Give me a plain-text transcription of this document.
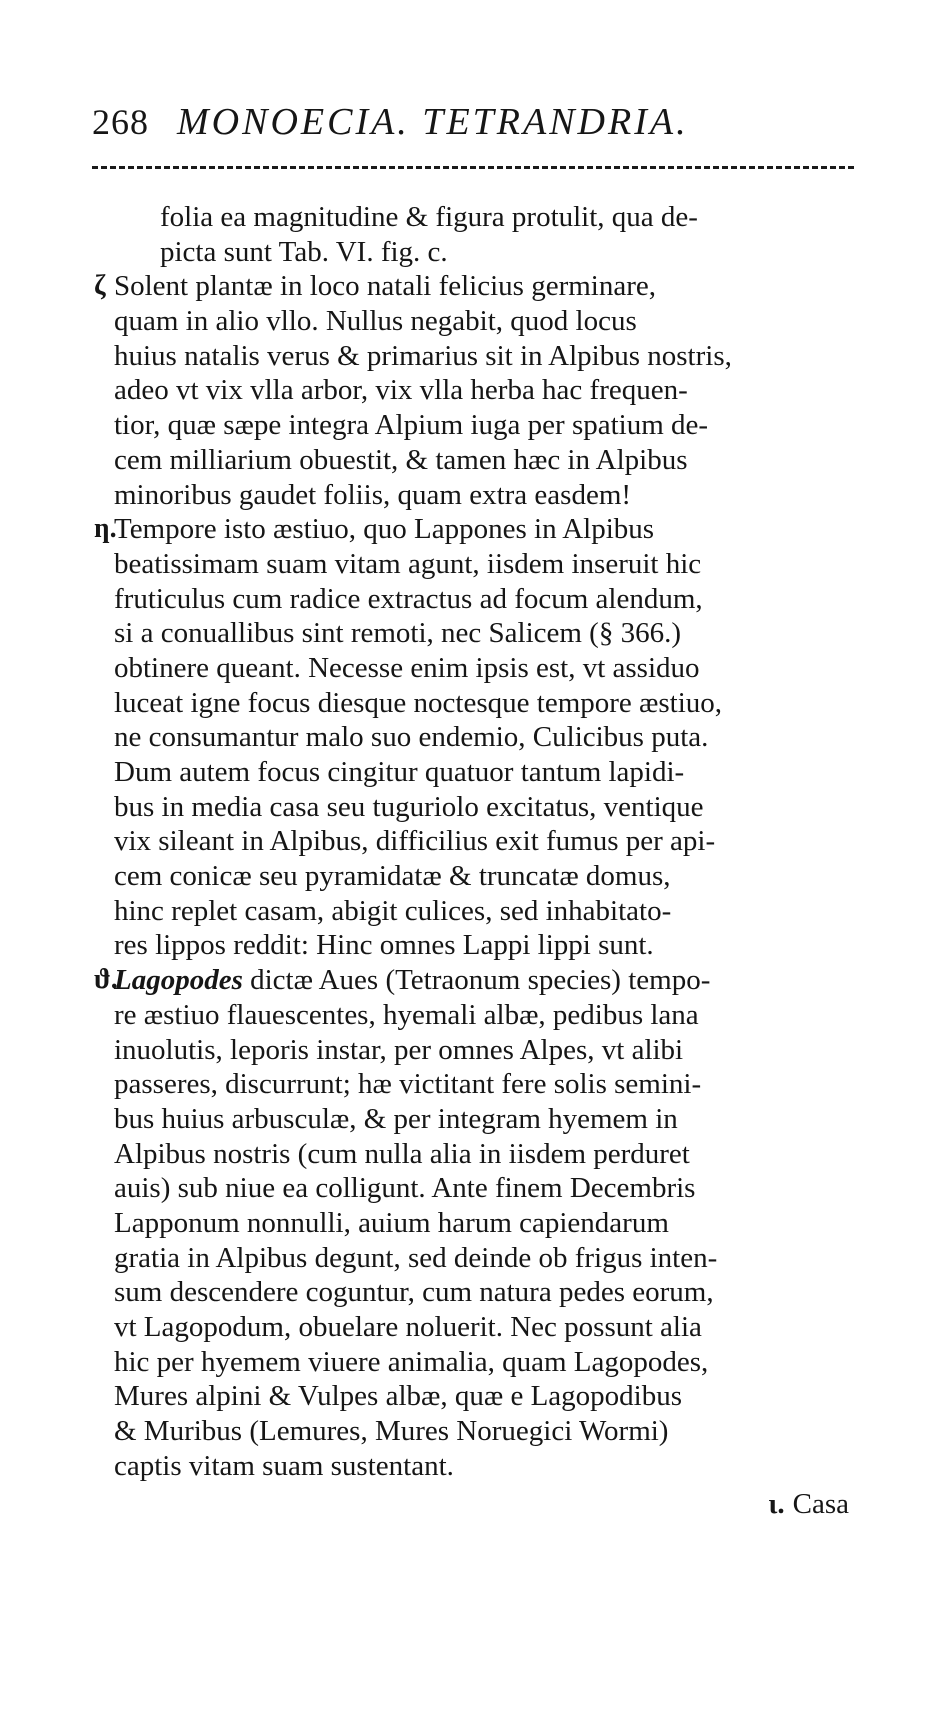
268 MONOECIA. TETRANDRIA.
folia ea magnitudine & figura protulit, qua de-
picta sunt Tab. VI. fig. c.
ζ Solent plantæ in loco natali felicius germinare,
quam in alio vllo. Nullus negabit, quod locus
huius natalis verus & primarius sit in Alpibus nostris,
adeo vt vix vlla arbor, vix vlla herba hac frequen-
tior, quæ sæpe integra Alpium iuga per spatium de-
cem milliarium obuestit, & tamen hæc in Alpibus
minoribus gaudet foliis, quam extra easdem!
ƞ.
Tempore isto æstiuo, quo Lappones in Alpibus
beatissimam suam vitam agunt, iisdem inseruit hic
fruticulus cum radice extractus ad focum alendum,
si a conuallibus sint remoti, nec Salicem (§ 366.)
obtinere queant. Necesse enim ipsis est, vt assiduo
luceat igne focus diesque noctesque tempore æstiuo,
ne consumantur malo suo endemio, Culicibus puta.
Dum autem focus cingitur quatuor tantum lapidi-
bus in media casa seu tuguriolo excitatus, ventique
vix sileant in Alpibus, difficilius exit fumus per api-
cem conicæ seu pyramidatæ & truncatæ domus,
hinc replet casam, abigit culices, sed inhabitato-
res lippos reddit: Hinc omnes Lappi lippi sunt.
ϑ.
Lagopodes dictæ Aues (Tetraonum species) tempo-
re æstiuo flauescentes, hyemali albæ, pedibus lana
inuolutis, leporis instar, per omnes Alpes, vt alibi
passeres, discurrunt; hæ victitant fere solis semini-
bus huius arbusculæ, & per integram hyemem in
Alpibus nostris (cum nulla alia in iisdem perduret
auis) sub niue ea colligunt. Ante finem Decembris
Lapponum nonnulli, auium harum capiendarum
gratia in Alpibus degunt, sed deinde ob frigus inten-
sum descendere coguntur, cum natura pedes eorum,
vt Lagopodum, obuelare noluerit. Nec possunt alia
hic per hyemem viuere animalia, quam Lagopodes,
Mures alpini & Vulpes albæ, quæ e Lagopodibus
& Muribus (Lemures, Mures Noruegici Wormi)
captis vitam suam sustentant.
ι. Casa
